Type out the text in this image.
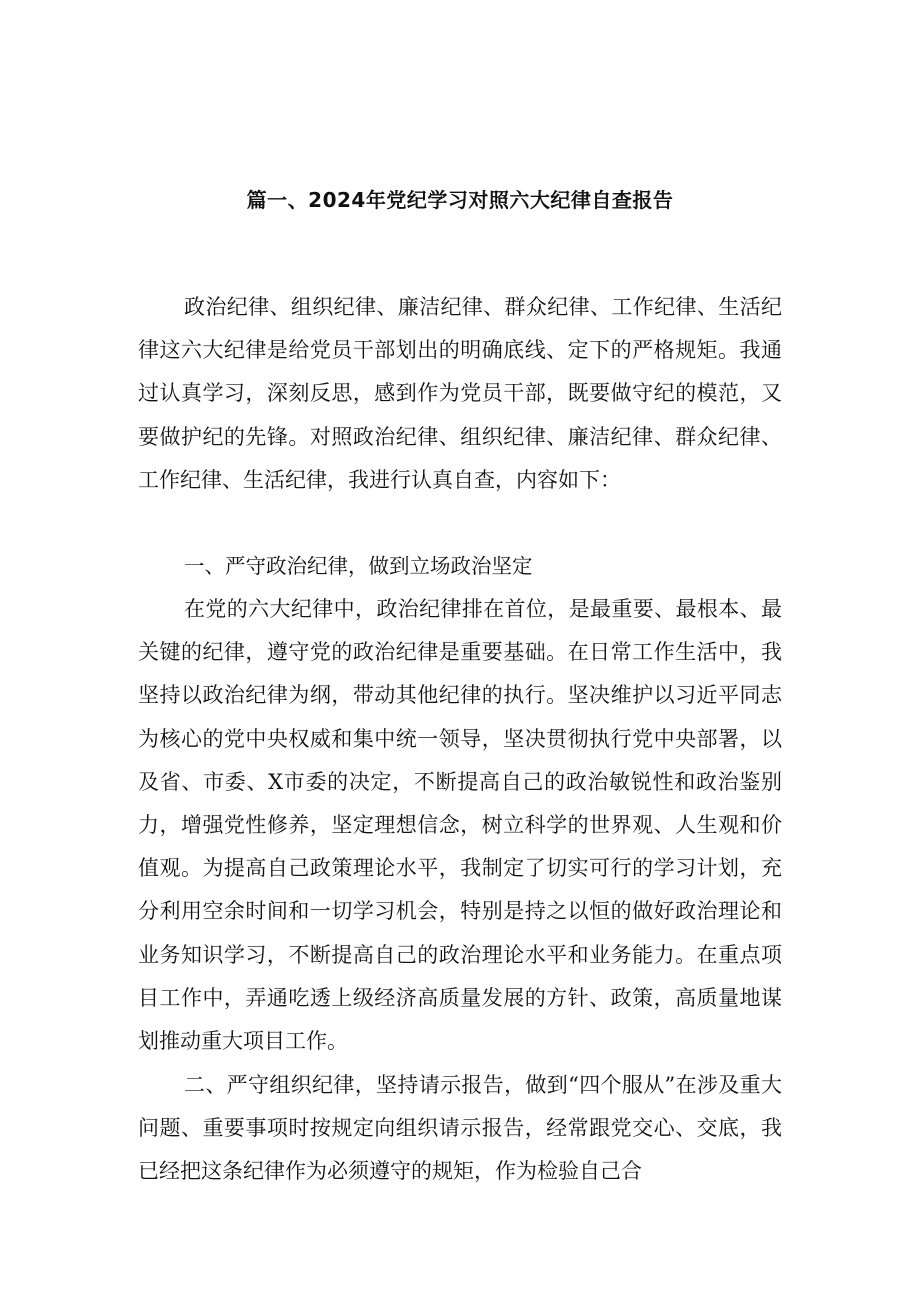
篇一、2024年党纪学习对照六大纪律自查报告

政治纪律、组织纪律、廉洁纪律、群众纪律、工作纪律、生活纪律这六大纪律是给党员干部划出的明确底线、定下的严格规矩。我通过认真学习，深刻反思，感到作为党员干部，既要做守纪的模范，又要做护纪的先锋。对照政治纪律、组织纪律、廉洁纪律、群众纪律、工作纪律、生活纪律，我进行认真自查，内容如下：

一、严守政治纪律，做到立场政治坚定

在党的六大纪律中，政治纪律排在首位，是最重要、最根本、最关键的纪律，遵守党的政治纪律是重要基础。在日常工作生活中，我坚持以政治纪律为纲，带动其他纪律的执行。坚决维护以习近平同志为核心的党中央权威和集中统一领导，坚决贯彻执行党中央部署，以及省、市委、X市委的决定，不断提高自己的政治敏锐性和政治鉴别力，增强党性修养，坚定理想信念，树立科学的世界观、人生观和价值观。为提高自己政策理论水平，我制定了切实可行的学习计划，充分利用空余时间和一切学习机会，特别是持之以恒的做好政治理论和业务知识学习，不断提高自己的政治理论水平和业务能力。在重点项目工作中，弄通吃透上级经济高质量发展的方针、政策，高质量地谋划推动重大项目工作。

二、严守组织纪律，坚持请示报告，做到“四个服从”在涉及重大问题、重要事项时按规定向组织请示报告，经常跟党交心、交底，我已经把这条纪律作为必须遵守的规矩，作为检验自己合
